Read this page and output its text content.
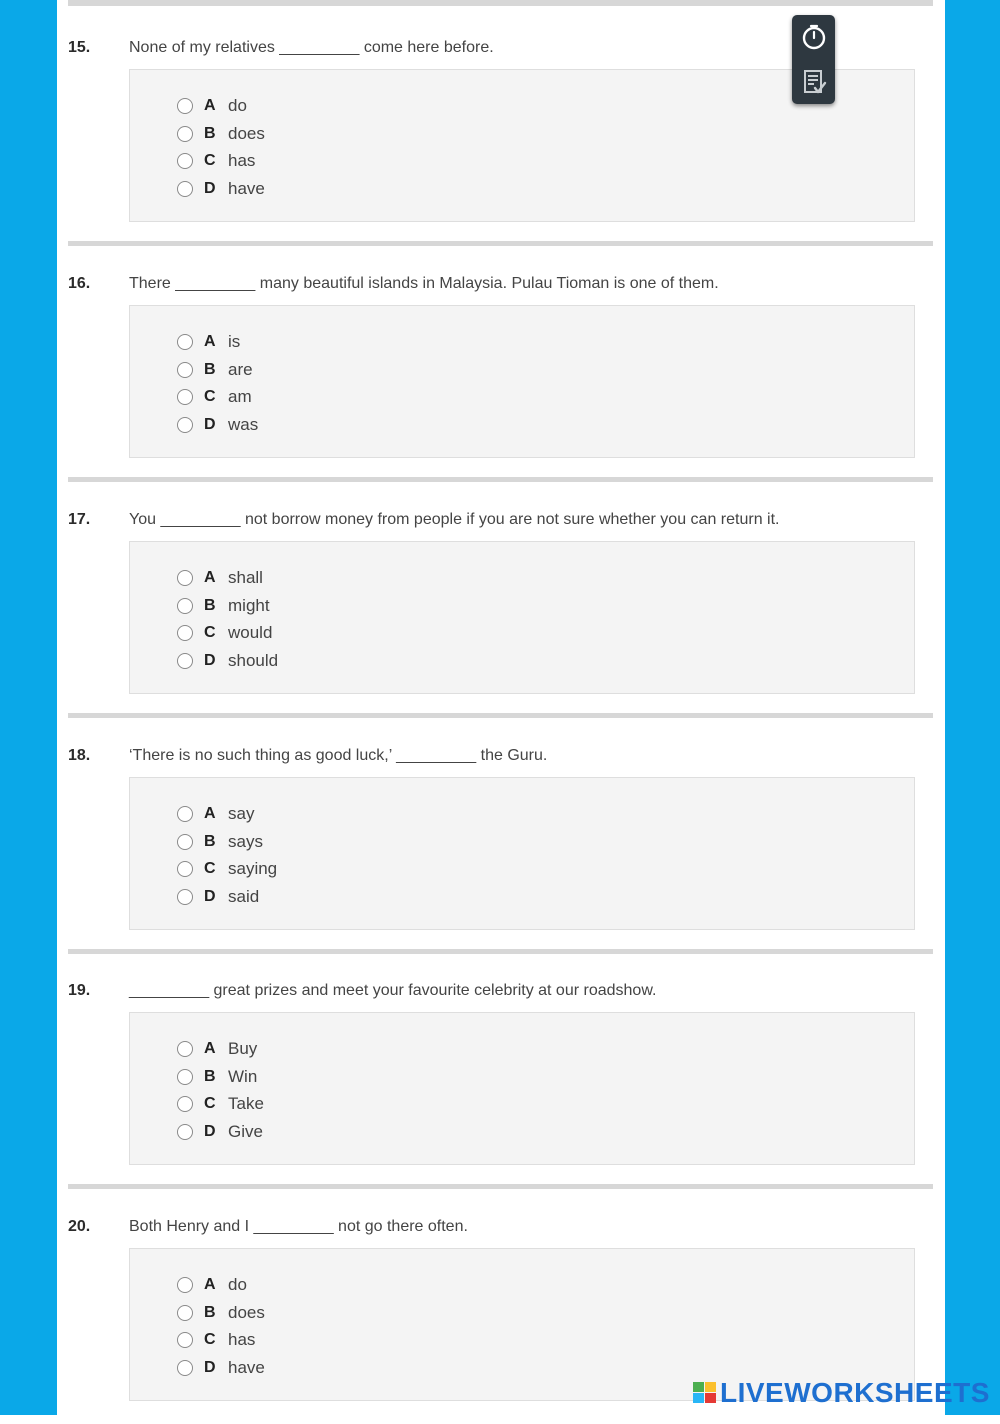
15. None of my relatives _________ come here before.
A do
B does
C has
D have
16. There _________ many beautiful islands in Malaysia. Pulau Tioman is one of them.
A is
B are
C am
D was
17. You _________ not borrow money from people if you are not sure whether you can return it.
A shall
B might
C would
D should
18. ‘There is no such thing as good luck,’ _________ the Guru.
A say
B says
C saying
D said
19. _________ great prizes and meet your favourite celebrity at our roadshow.
A Buy
B Win
C Take
D Give
20. Both Henry and I _________ not go there often.
A do
B does
C has
D have
LIVEWORKSHEETS
